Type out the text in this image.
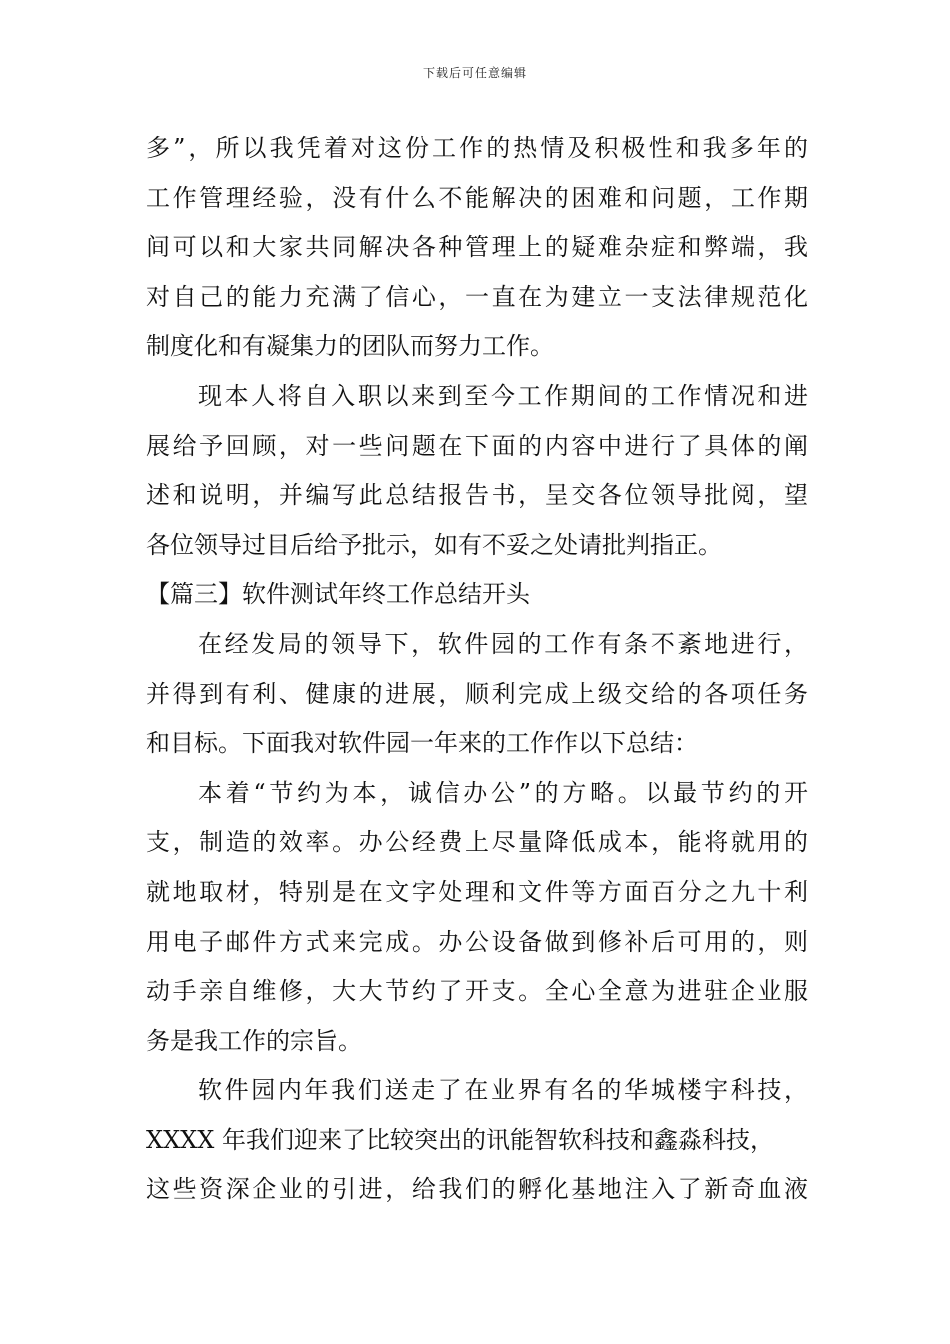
下载后可任意编辑
多”，所以我凭着对这份工作的热情及积极性和我多年的
工作管理经验，没有什么不能解决的困难和问题，工作期
间可以和大家共同解决各种管理上的疑难杂症和弊端，我
对自己的能力充满了信心，一直在为建立一支法律规范化
制度化和有凝集力的团队而努力工作。
现本人将自入职以来到至今工作期间的工作情况和进
展给予回顾，对一些问题在下面的内容中进行了具体的阐
述和说明，并编写此总结报告书，呈交各位领导批阅，望
各位领导过目后给予批示，如有不妥之处请批判指正。
【篇三】软件测试年终工作总结开头
在经发局的领导下，软件园的工作有条不紊地进行，
并得到有利、健康的进展，顺利完成上级交给的各项任务
和目标。下面我对软件园一年来的工作作以下总结：
本着“节约为本，诚信办公”的方略。以最节约的开
支，制造的效率。办公经费上尽量降低成本，能将就用的
就地取材，特别是在文字处理和文件等方面百分之九十利
用电子邮件方式来完成。办公设备做到修补后可用的，则
动手亲自维修，大大节约了开支。全心全意为进驻企业服
务是我工作的宗旨。
软件园内年我们送走了在业界有名的华城楼宇科技，
XXXX 年我们迎来了比较突出的讯能智软科技和鑫淼科技，
这些资深企业的引进，给我们的孵化基地注入了新奇血液
